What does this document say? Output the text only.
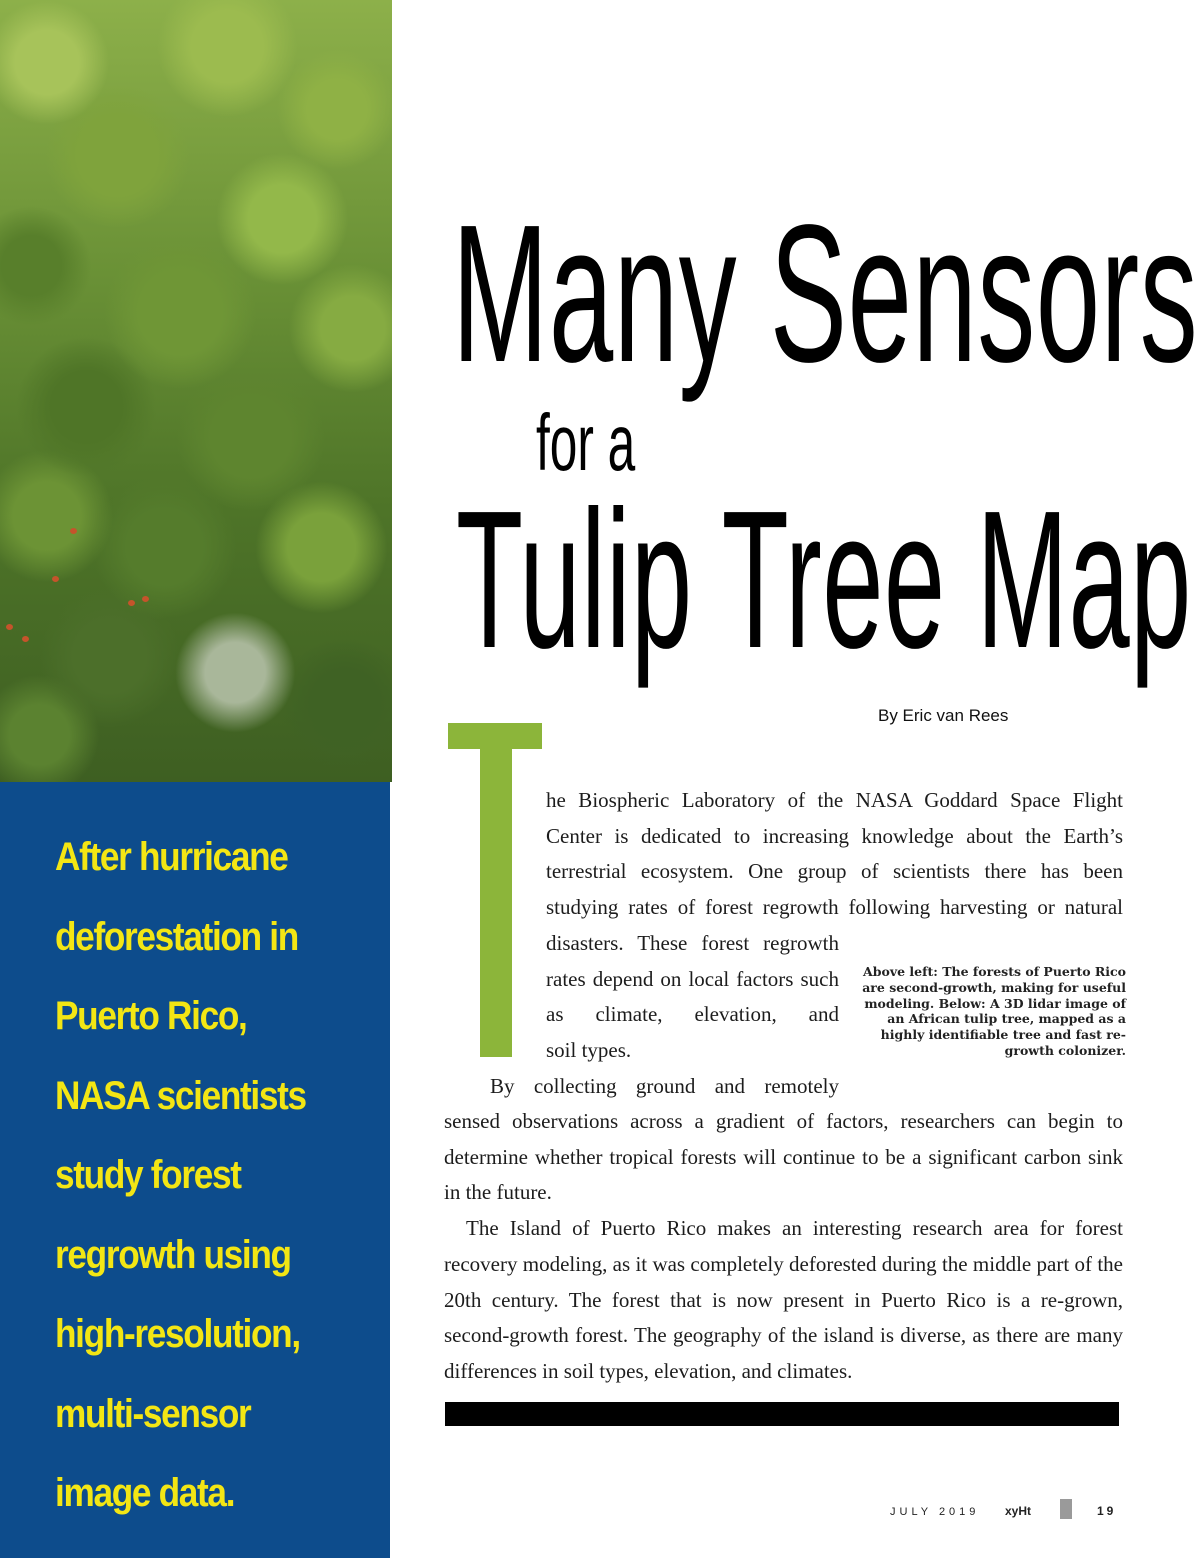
After hurricane
deforestation in
Puerto Rico,
NASA scientists
study forest
regrowth using
high-resolution,
multi-sensor
image data.
Many Sensors
for a
Tulip Tree Map
By Eric van Rees

he Biospheric Laboratory of the NASA Goddard Space Flight Center is dedicated to increasing knowledge about the Earth’s terrestrial ecosystem. One group of scientists there has been studying rates of forest regrowth following harvesting or natural

disasters. These forest regrowth rates depend on local factors such as climate, elevation, and

soil types.

By collecting ground and remotely

Above left: The forests of Puerto Rico are second-growth, making for useful modeling. Below: A 3D lidar image of an African tulip tree, mapped as a highly identifiable tree and fast re-growth colonizer.

sensed observations across a gradient of factors, researchers can begin to determine whether tropical forests will continue to be a significant carbon sink in the future.

The Island of Puerto Rico makes an interesting research area for forest recovery modeling, as it was completely deforested during the middle part of the 20th century. The forest that is now present in Puerto Rico is a re-grown, second-growth forest. The geography of the island is diverse, as there are many differences in soil types, elevation, and climates.

JULY 2019 xyHt	19
